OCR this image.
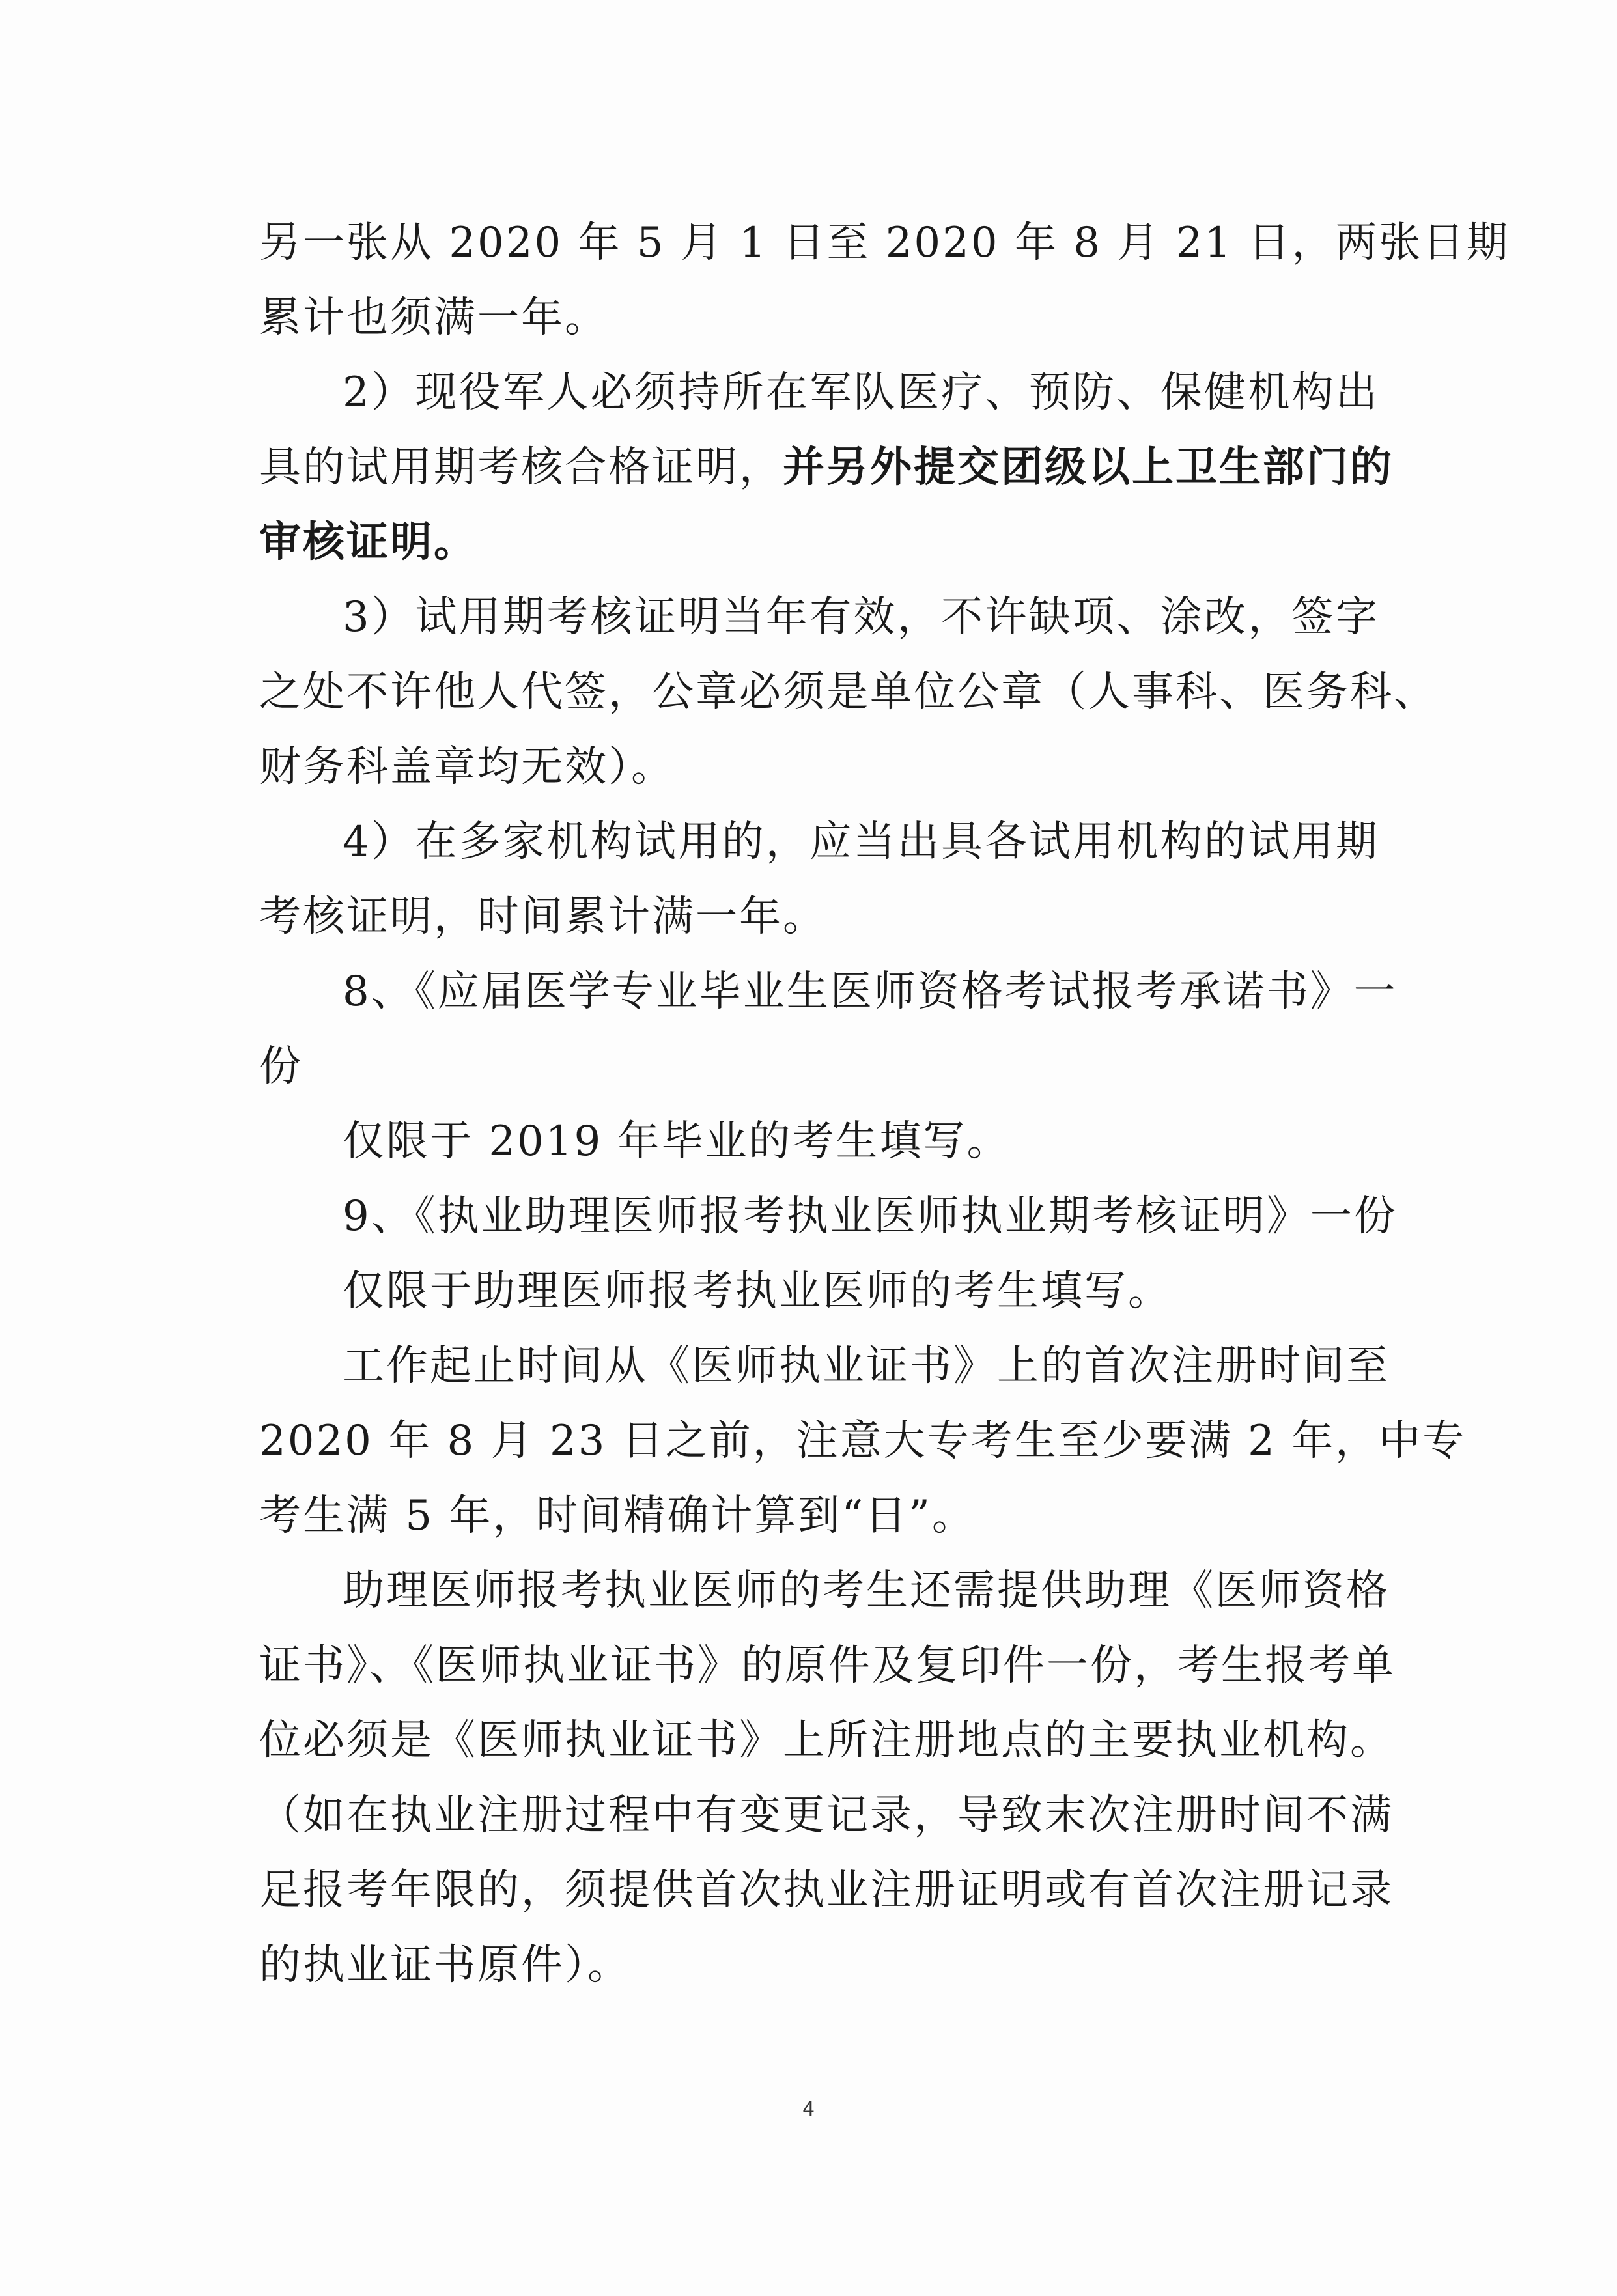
另一张从 2020 年 5 月 1 日至 2020 年 8 月 21 日，两张日期
累计也须满一年。
2）现役军人必须持所在军队医疗、预防、保健机构出
具的试用期考核合格证明，并另外提交团级以上卫生部门的
审核证明。
3）试用期考核证明当年有效，不许缺项、涂改，签字
之处不许他人代签，公章必须是单位公章（人事科、医务科、
财务科盖章均无效）。
4）在多家机构试用的，应当出具各试用机构的试用期
考核证明，时间累计满一年。
8、《应届医学专业毕业生医师资格考试报考承诺书》一
份
仅限于 2019 年毕业的考生填写。
9、《执业助理医师报考执业医师执业期考核证明》一份
仅限于助理医师报考执业医师的考生填写。
工作起止时间从《医师执业证书》上的首次注册时间至
2020 年 8 月 23 日之前，注意大专考生至少要满 2 年，中专
考生满 5 年，时间精确计算到“日”。
助理医师报考执业医师的考生还需提供助理《医师资格
证书》、《医师执业证书》的原件及复印件一份，考生报考单
位必须是《医师执业证书》上所注册地点的主要执业机构。
（如在执业注册过程中有变更记录，导致末次注册时间不满
足报考年限的，须提供首次执业注册证明或有首次注册记录
的执业证书原件）。
4
